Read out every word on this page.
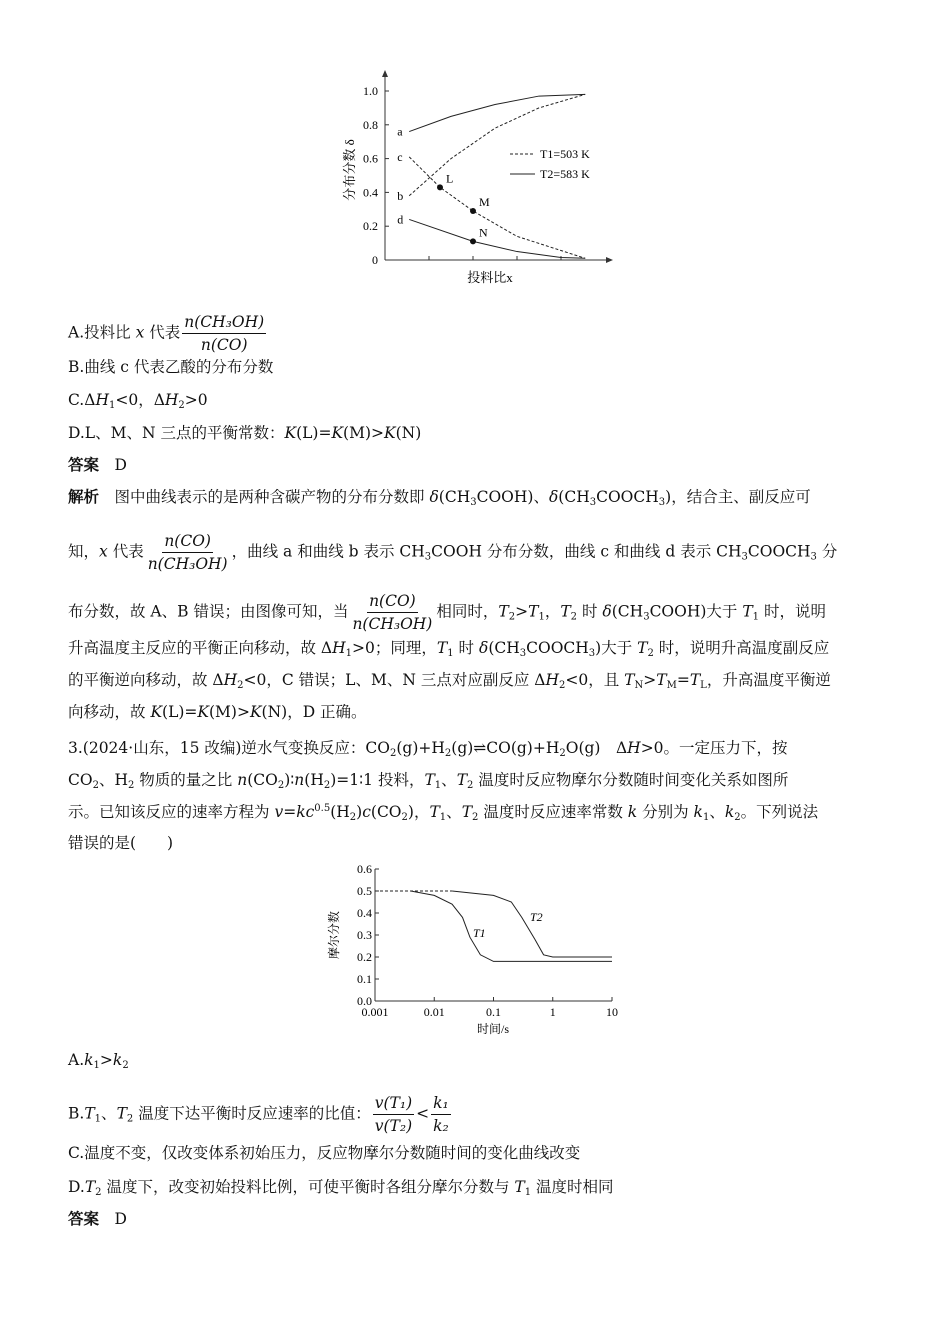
0
0.2
0.4
0.6
0.8
1.0
投料比x
分布分数 δ
a
b
c
d
L
M
N
T1=503 K
T2=583 K
0.001	0.01	0.1	1	10
0.0
0.1
0.2
0.3
0.4
0.5
0.6
时间/s
摩尔分数	T1
T2
A.投料比 x 代表 $\frac{\text{n(CH₃OH)}}{n(CO)}$
B.曲线 c 代表乙酸的分布分数
$C.\Delta H_1<0$，$\Delta H_2>0$
D.L、M、N 三点的平衡常数：K(L)=K(M)>K(N)
答案　D
解析　图中曲线表示的是两种含碳产物的分布分数即 $\delta(CH_3COOH)$、$\delta(CH_3COOCH_3)$，结合主、副反应可
知，x 代表 $\frac{n(CO)}{\text{n(CH₃OH)}}$ ，曲线 a 和曲线 b 表示 $CH_3COOH$ 分布分数，曲线 c 和曲线 d 表示 $CH_3COOCH_3$ 分
布分数，故 A、B 错误；由图像可知，当 $\frac{n(CO)}{\text{n(CH₃OH)}}$ 相同时，$T_2>T_1$，$T_2$ 时 $\delta(CH_3COOH)$大于 $T_1$ 时，说明
升高温度主反应的平衡正向移动，故 $\Delta H_1>0$；同理，$T_1$ 时 $\delta(CH_3COOCH_3)$大于 $T_2$ 时，说明升高温度副反应
的平衡逆向移动，故 $\Delta H_2<0$，C 错误；L、M、N 三点对应副反应 $\Delta H_2<0$，且 $T_N>T_M=T_L$，升高温度平衡逆
向移动，故 K(L)=K(M)>K(N)，D 正确。
3.(2024·山东，15 改编)逆水气变换反应：$CO_2(g)+H_2(g)\rightleftharpoons CO(g)+H_2O(g)$　ΔH>0。一定压力下，按
$CO_2$、$H_2$ 物质的量之比 $n(CO_2)∶n(H_2)=1∶1$ 投料，$T_1$、$T_2$ 温度时反应物摩尔分数随时间变化关系如图所
示。已知该反应的速率方程为 $v=kc^{0.5}(H_2)c(CO_2)$，$T_1$、$T_2$ 温度时反应速率常数 k 分别为 $k_1$、$k_2$。下列说法
错误的是(　　)
$A.k_1>k_2$
$B.T_1$、$T_2$ 温度下达平衡时反应速率的比值： $\frac{\text{v(T₁)}}{\text{v(T₂)}} < \frac{\text{k₁}}{\text{k₂}}$
C.温度不变，仅改变体系初始压力，反应物摩尔分数随时间的变化曲线改变
$D.T_2$ 温度下，改变初始投料比例，可使平衡时各组分摩尔分数与 $T_1$ 温度时相同
答案　D
